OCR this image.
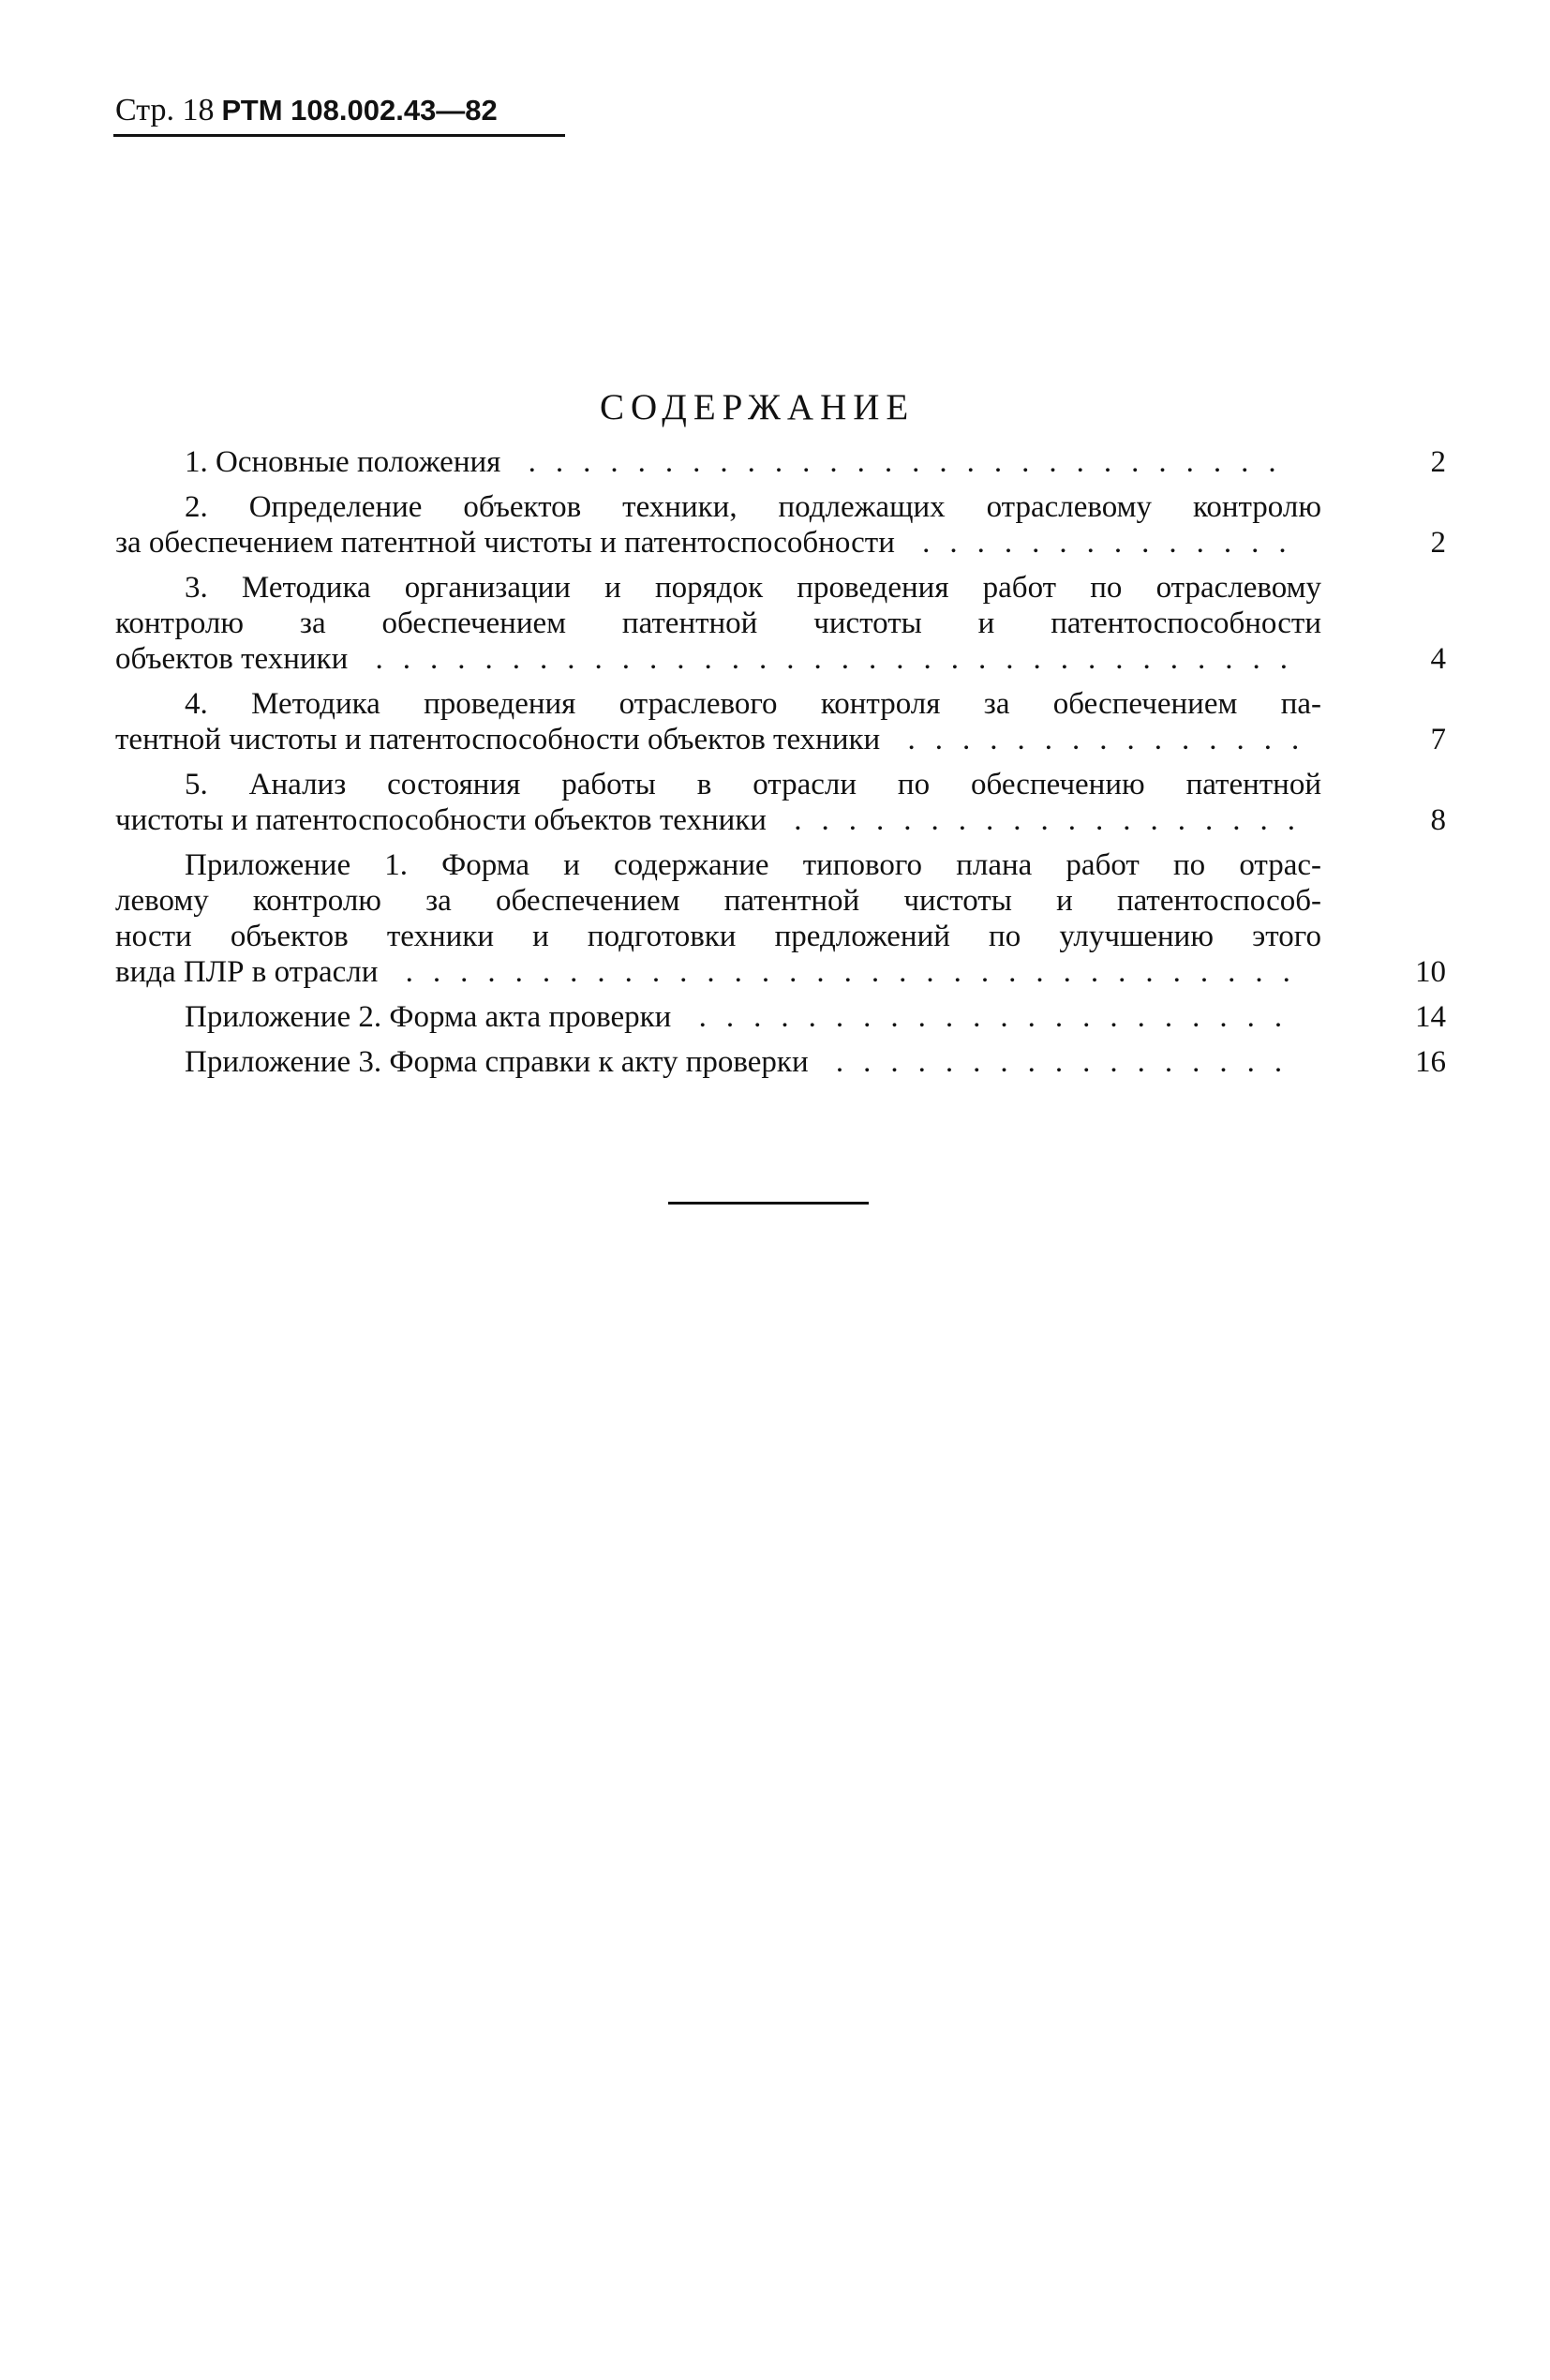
Стр. 18 РТМ 108.002.43—82
СОДЕРЖАНИЕ
1. Основные положения ............................	2
2. Определение объектов техники, подлежащих отраслевому контролю
за обеспечением патентной чистоты и патентоспособности ..............	2
3. Методика организации и порядок проведения работ по отраслевому
контролю за обеспечением патентной чистоты и патентоспособности
объектов техники ..................................	4
4. Методика проведения отраслевого контроля за обеспечением па-
тентной чистоты и патентоспособности объектов техники ...............	7
5. Анализ состояния работы в отрасли по обеспечению патентной
чистоты и патентоспособности объектов техники ...................	8
Приложение 1. Форма и содержание типового плана работ по отрас-
левому контролю за обеспечением патентной чистоты и патентоспособ-
ности объектов техники и подготовки предложений по улучшению этого
вида ПЛР в отрасли .................................	10
Приложение 2. Форма акта проверки ......................	14
Приложение 3. Форма справки к акту проверки .................	16
